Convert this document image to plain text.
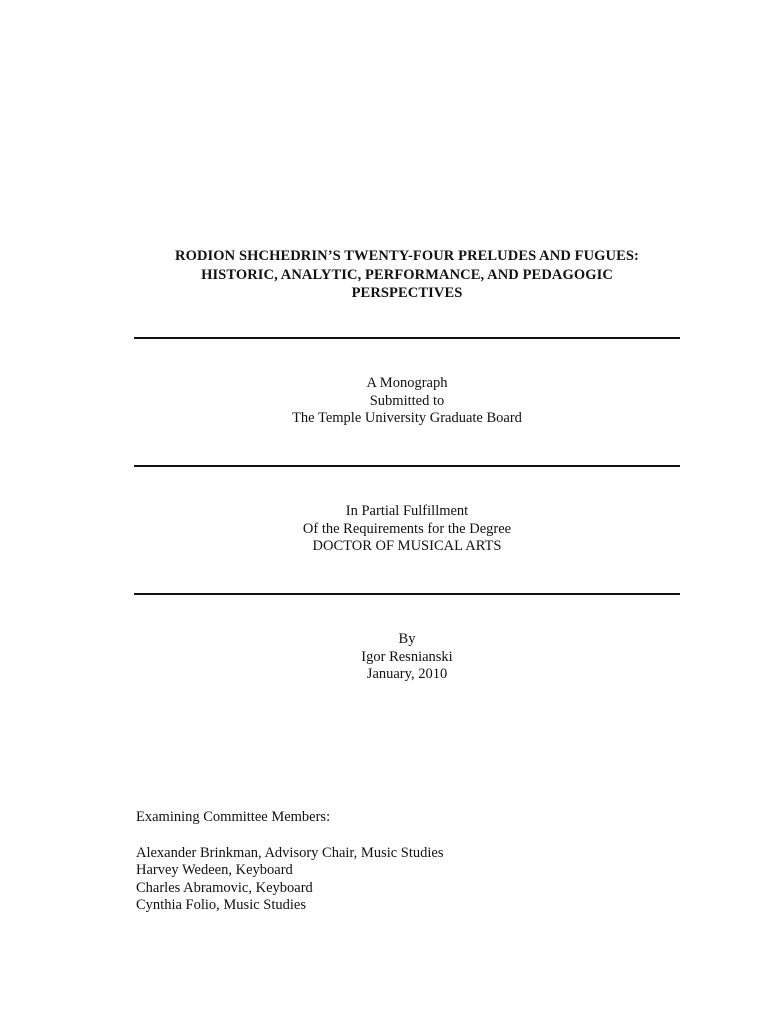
RODION SHCHEDRIN’S TWENTY-FOUR PRELUDES AND FUGUES:
HISTORIC, ANALYTIC, PERFORMANCE, AND PEDAGOGIC
PERSPECTIVES
A Monograph
Submitted to
The Temple University Graduate Board
In Partial Fulfillment
Of the Requirements for the Degree
DOCTOR OF MUSICAL ARTS
By
Igor Resnianski
January, 2010
Examining Committee Members:
Alexander Brinkman, Advisory Chair, Music Studies
Harvey Wedeen, Keyboard
Charles Abramovic, Keyboard
Cynthia Folio, Music Studies
